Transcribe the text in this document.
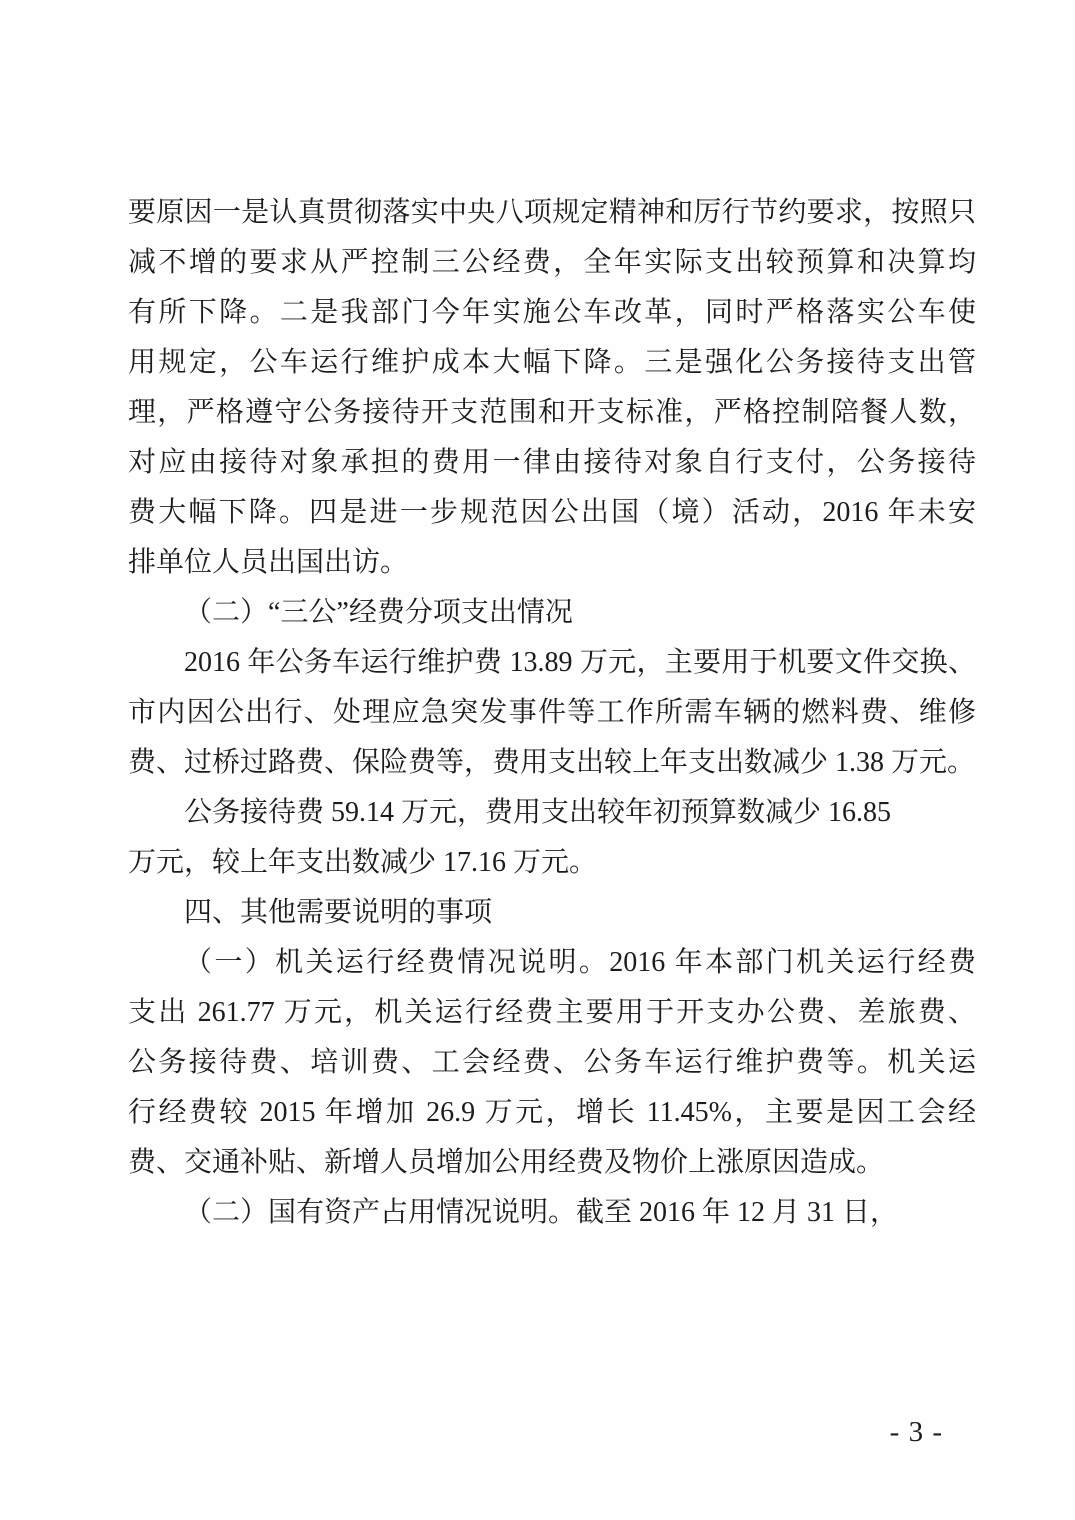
要原因一是认真贯彻落实中央八项规定精神和厉行节约要求，按照只
减不增的要求从严控制三公经费，全年实际支出较预算和决算均
有所下降。二是我部门今年实施公车改革，同时严格落实公车使
用规定，公车运行维护成本大幅下降。三是强化公务接待支出管
理，严格遵守公务接待开支范围和开支标准，严格控制陪餐人数，
对应由接待对象承担的费用一律由接待对象自行支付，公务接待
费大幅下降。四是进一步规范因公出国（境）活动，2016 年未安
排单位人员出国出访。
（二）“三公”经费分项支出情况
2016 年公务车运行维护费 13.89 万元，主要用于机要文件交换、
市内因公出行、处理应急突发事件等工作所需车辆的燃料费、维修
费、过桥过路费、保险费等，费用支出较上年支出数减少 1.38 万元。
公务接待费 59.14 万元，费用支出较年初预算数减少 16.85
万元，较上年支出数减少 17.16 万元。
四、其他需要说明的事项
（一）机关运行经费情况说明。2016 年本部门机关运行经费
支出 261.77 万元，机关运行经费主要用于开支办公费、差旅费、
公务接待费、培训费、工会经费、公务车运行维护费等。机关运
行经费较 2015 年增加 26.9 万元，增长 11.45%，主要是因工会经
费、交通补贴、新增人员增加公用经费及物价上涨原因造成。
（二）国有资产占用情况说明。截至 2016 年 12 月 31 日，
- 3 -
